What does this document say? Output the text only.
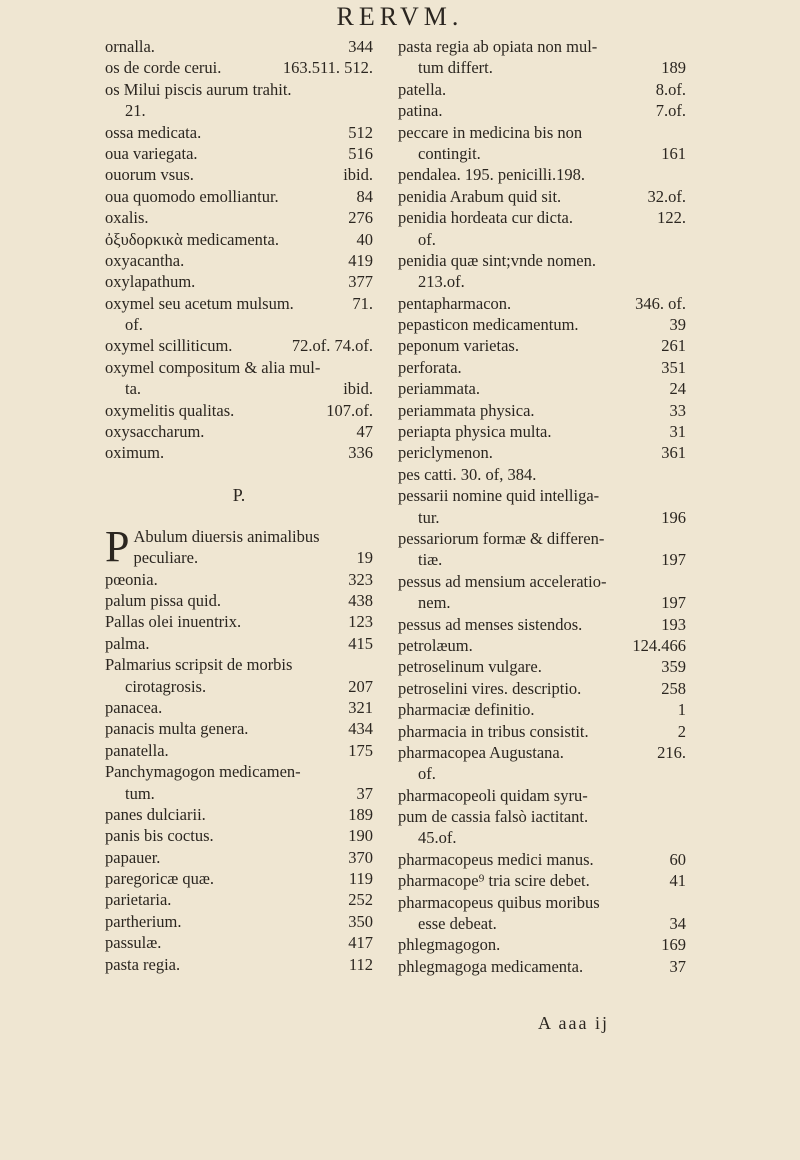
RERVM.
ornalla.	344
os de corde cerui.	163.511. 512.
os Milui piscis aurum trahit.
21.
ossa medicata.	512
oua variegata.	516
ouorum vsus.	ibid.
oua quomodo emolliantur.	84
oxalis.	276
ὀξυδορκικὰ medicamenta.	40
oxyacantha.	419
oxylapathum.	377
oxymel seu acetum mulsum.	71.
of.
oxymel scilliticum.	72.of. 74.of.
oxymel compositum & alia mul-
ta.	ibid.
oxymelitis qualitas.	107.of.
oxysaccharum.	47
oximum.	336
P.
P Abulum diuersis animalibus
peculiare.	19
pœonia.	323
palum pissa quid.	438
Pallas olei inuentrix.	123
palma.	415
Palmarius scripsit de morbis
cirotagrosis.	207
panacea.	321
panacis multa genera.	434
panatella.	175
Panchymagogon medicamen-
tum.	37
panes dulciarii.	189
panis bis coctus.	190
papauer.	370
paregoricæ quæ.	119
parietaria.	252
partherium.	350
passulæ.	417
pasta regia.	112
pasta regia ab opiata non mul-
tum differt.	189
patella.	8.of.
patina.	7.of.
peccare in medicina bis non
contingit.	161
pendalea. 195. penicilli.198.
penidia Arabum quid sit.	32.of.
penidia hordeata cur dicta.	122.
of.
penidia quæ sint;vnde nomen.
213.of.
pentapharmacon.	346. of.
pepasticon medicamentum.	39
peponum varietas.	261
perforata.	351
periammata.	24
periammata physica.	33
periapta physica multa.	31
periclymenon.	361
pes catti. 30. of, 384.
pessarii nomine quid intelliga-
tur.	196
pessariorum formæ & differen-
tiæ.	197
pessus ad mensium acceleratio-
nem.	197
pessus ad menses sistendos.	193
petrolæum.	124.466
petroselinum vulgare.	359
petroselini vires. descriptio.	258
pharmaciæ definitio.	1
pharmacia in tribus consistit.	2
pharmacopea Augustana.	216.
of.
pharmacopeoli quidam syru-
pum de cassia falsò iactitant.
45.of.
pharmacopeus medici manus.	60
pharmacope⁹ tria scire debet.	41
pharmacopeus quibus moribus
esse debeat.	34
phlegmagogon.	169
phlegmagoga medicamenta.	37
A aaa ij
